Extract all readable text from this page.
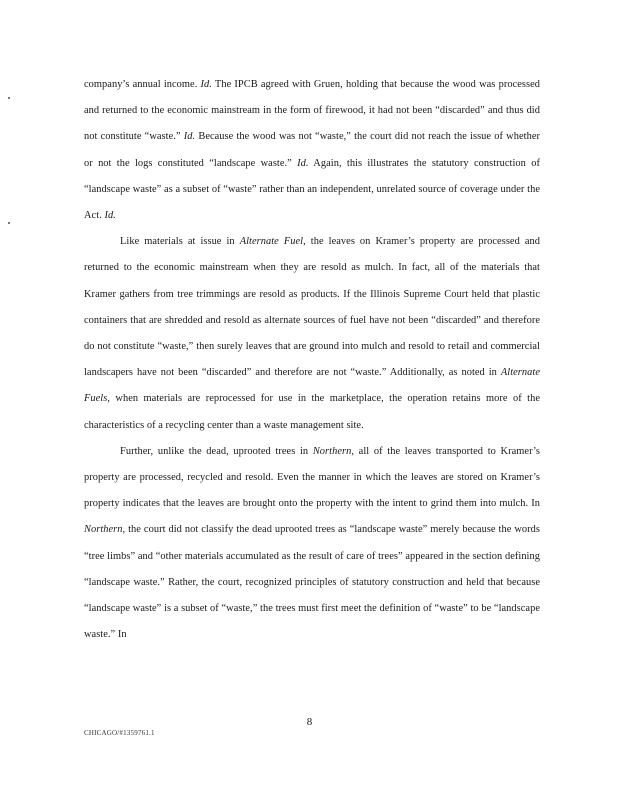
company’s annual income. Id. The IPCB agreed with Gruen, holding that because the wood was processed and returned to the economic mainstream in the form of firewood, it had not been “discarded” and thus did not constitute “waste.” Id. Because the wood was not “waste,” the court did not reach the issue of whether or not the logs constituted “landscape waste.” Id. Again, this illustrates the statutory construction of “landscape waste” as a subset of “waste” rather than an independent, unrelated source of coverage under the Act. Id.

Like materials at issue in Alternate Fuel, the leaves on Kramer’s property are processed and returned to the economic mainstream when they are resold as mulch. In fact, all of the materials that Kramer gathers from tree trimmings are resold as products. If the Illinois Supreme Court held that plastic containers that are shredded and resold as alternate sources of fuel have not been “discarded” and therefore do not constitute “waste,” then surely leaves that are ground into mulch and resold to retail and commercial landscapers have not been “discarded” and therefore are not “waste.” Additionally, as noted in Alternate Fuels, when materials are reprocessed for use in the marketplace, the operation retains more of the characteristics of a recycling center than a waste management site.

Further, unlike the dead, uprooted trees in Northern, all of the leaves transported to Kramer’s property are processed, recycled and resold. Even the manner in which the leaves are stored on Kramer’s property indicates that the leaves are brought onto the property with the intent to grind them into mulch. In Northern, the court did not classify the dead uprooted trees as “landscape waste” merely because the words “tree limbs” and “other materials accumulated as the result of care of trees” appeared in the section defining “landscape waste.” Rather, the court, recognized principles of statutory construction and held that because “landscape waste” is a subset of “waste,” the trees must first meet the definition of “waste” to be “landscape waste.” In

8
CHICAGO/#1359761.1
